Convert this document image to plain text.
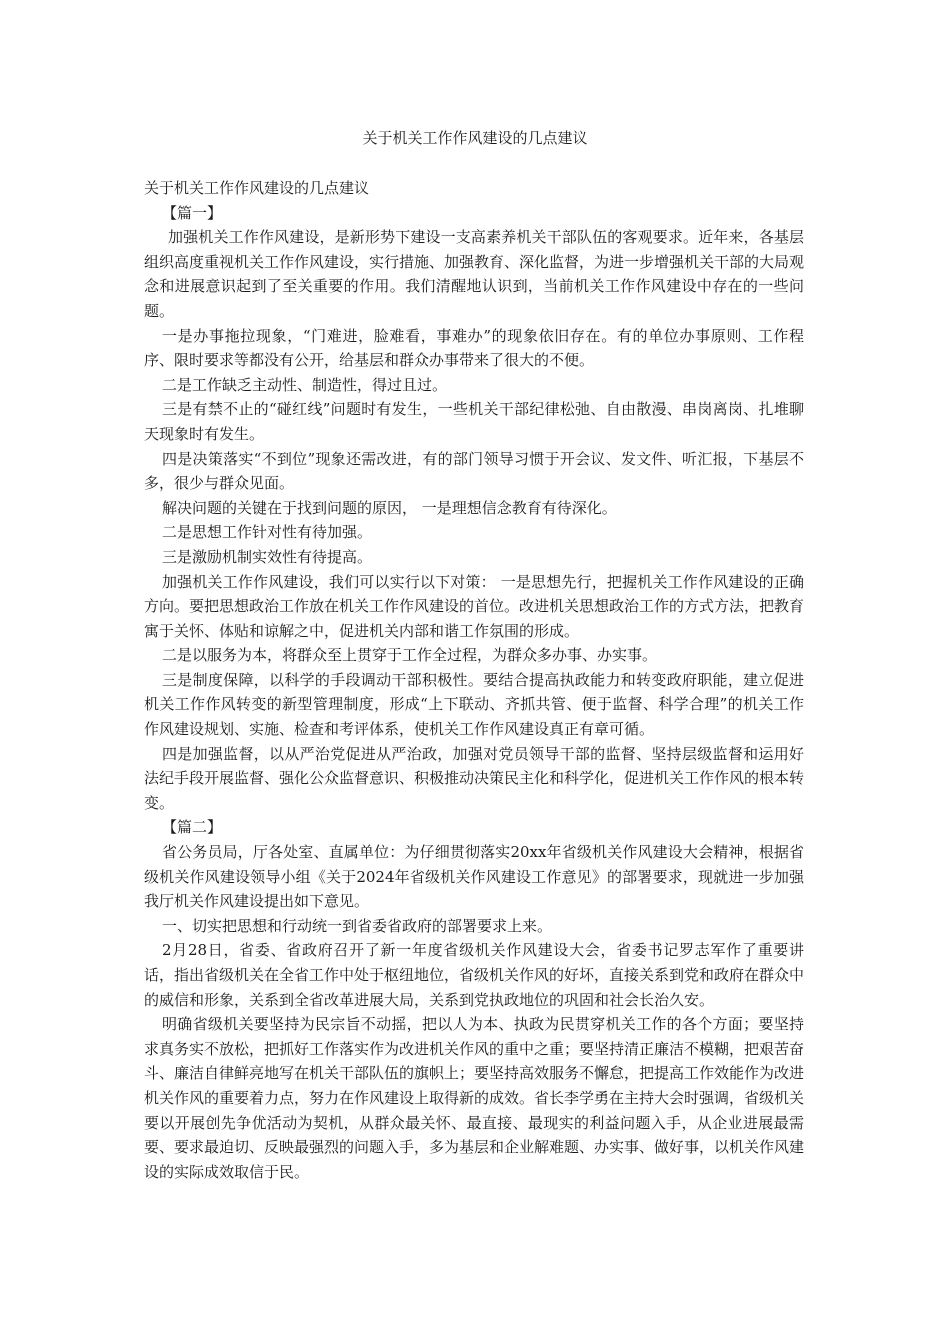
关于机关工作作风建设的几点建议

关于机关工作作风建设的几点建议

【篇一】

加强机关工作作风建设，是新形势下建设一支高素养机关干部队伍的客观要求。近年来，各基层组织高度重视机关工作作风建设，实行措施、加强教育、深化监督，为进一步增强机关干部的大局观念和进展意识起到了至关重要的作用。我们清醒地认识到，当前机关工作作风建设中存在的一些问题。

一是办事拖拉现象，“门难进，脸难看，事难办”的现象依旧存在。有的单位办事原则、工作程序、限时要求等都没有公开，给基层和群众办事带来了很大的不便。

二是工作缺乏主动性、制造性，得过且过。

三是有禁不止的“碰红线”问题时有发生，一些机关干部纪律松弛、自由散漫、串岗离岗、扎堆聊天现象时有发生。

四是决策落实“不到位”现象还需改进，有的部门领导习惯于开会议、发文件、听汇报，下基层不多，很少与群众见面。

解决问题的关键在于找到问题的原因， 一是理想信念教育有待深化。

二是思想工作针对性有待加强。

三是激励机制实效性有待提高。

加强机关工作作风建设，我们可以实行以下对策： 一是思想先行，把握机关工作作风建设的正确方向。要把思想政治工作放在机关工作作风建设的首位。改进机关思想政治工作的方式方法，把教育寓于关怀、体贴和谅解之中，促进机关内部和谐工作氛围的形成。

二是以服务为本，将群众至上贯穿于工作全过程，为群众多办事、办实事。

三是制度保障，以科学的手段调动干部积极性。要结合提高执政能力和转变政府职能，建立促进机关工作作风转变的新型管理制度，形成“上下联动、齐抓共管、便于监督、科学合理”的机关工作作风建设规划、实施、检查和考评体系，使机关工作作风建设真正有章可循。

四是加强监督，以从严治党促进从严治政，加强对党员领导干部的监督、坚持层级监督和运用好法纪手段开展监督、强化公众监督意识、积极推动决策民主化和科学化，促进机关工作作风的根本转变。

【篇二】

省公务员局，厅各处室、直属单位：为仔细贯彻落实20xx年省级机关作风建设大会精神，根据省级机关作风建设领导小组《关于2024年省级机关作风建设工作意见》的部署要求，现就进一步加强我厅机关作风建设提出如下意见。

一、切实把思想和行动统一到省委省政府的部署要求上来。

2月28日，省委、省政府召开了新一年度省级机关作风建设大会，省委书记罗志军作了重要讲话，指出省级机关在全省工作中处于枢纽地位，省级机关作风的好坏，直接关系到党和政府在群众中的威信和形象，关系到全省改革进展大局，关系到党执政地位的巩固和社会长治久安。

明确省级机关要坚持为民宗旨不动摇，把以人为本、执政为民贯穿机关工作的各个方面；要坚持求真务实不放松，把抓好工作落实作为改进机关作风的重中之重；要坚持清正廉洁不模糊，把艰苦奋斗、廉洁自律鲜亮地写在机关干部队伍的旗帜上；要坚持高效服务不懈怠，把提高工作效能作为改进机关作风的重要着力点，努力在作风建设上取得新的成效。省长李学勇在主持大会时强调，省级机关要以开展创先争优活动为契机，从群众最关怀、最直接、最现实的利益问题入手，从企业进展最需要、要求最迫切、反映最强烈的问题入手，多为基层和企业解难题、办实事、做好事，以机关作风建设的实际成效取信于民。
